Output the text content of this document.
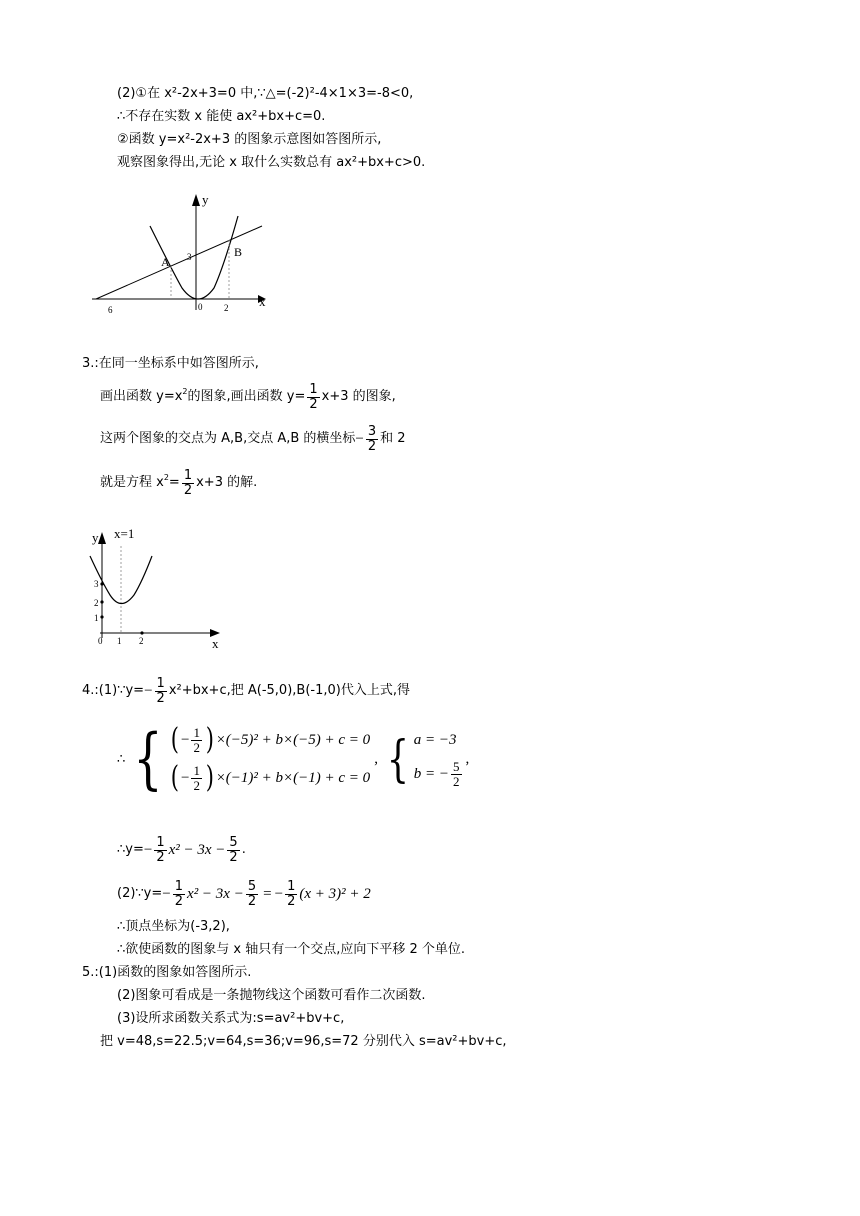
(2)①在 x²-2x+3=0 中,∵△=(-2)²-4×1×3=-8<0,
∴不存在实数 x 能使 ax²+bx+c=0.
②函数 y=x²-2x+3 的图象示意图如答图所示,
观察图象得出,无论 x 取什么实数总有 ax²+bx+c>0.
y
x
A
B
3
6	0 2
3.:在同一坐标系中如答图所示,
画出函数 $y=x^2$ 的图象,画出函数 $y= \frac{1}{2} x+3$ 的图象,
这两个图象的交点为 A,B,交点 A,B 的横坐标 − $\frac{3}{2}$ 和 2
就是方程 $x^2 = \frac{1}{2} x+3$ 的解.
y x=1
x
3
2
1
0 1 2
4.:(1)∵y= − $\frac{1}{2} x^2+bx+c$,把 A(-5,0),B(-1,0)代入上式,得
∴ { ( − $\frac{1}{2}$ ) ×(−5)² + b×(−5) + c = 0
( − $\frac{1}{2}$ ) ×(−1)² + b×(−1) + c = 0
, { a = −3
b = − $\frac{5}{2}$
,
∴y= − $\frac{1}{2} x^2 - 3x - \frac{5}{2}$ .
(2)∵y= − $\frac{1}{2} x^2 - 3x - \frac{5}{2}$ = − $\frac{1}{2} (x + 3)^2 + 2$
∴顶点坐标为(-3,2),
∴欲使函数的图象与 x 轴只有一个交点,应向下平移 2 个单位.
5.:(1)函数的图象如答图所示.
(2)图象可看成是一条抛物线这个函数可看作二次函数.
(3)设所求函数关系式为:s=av²+bv+c,
把 v=48,s=22.5;v=64,s=36;v=96,s=72 分别代入 s=av²+bv+c,
